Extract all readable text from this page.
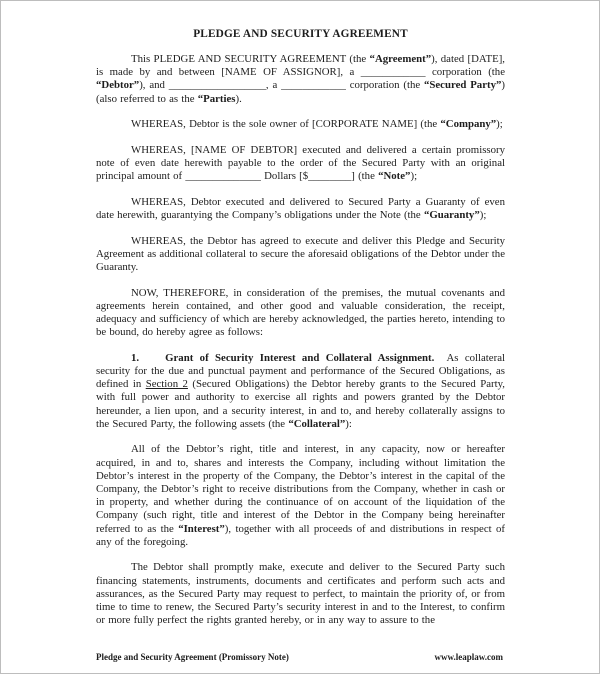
PLEDGE AND SECURITY AGREEMENT

This PLEDGE AND SECURITY AGREEMENT (the “Agreement”), dated [DATE], is made by and between [NAME OF ASSIGNOR], a ____________ corporation (the “Debtor”), and __________________, a ____________ corporation (the “Secured Party”) (also referred to as the “Parties).

WHEREAS, Debtor is the sole owner of [CORPORATE NAME] (the “Company”);

WHEREAS, [NAME OF DEBTOR] executed and delivered a certain promissory note of even date herewith payable to the order of the Secured Party with an original principal amount of ______________ Dollars [$________] (the “Note”);

WHEREAS, Debtor executed and delivered to Secured Party a Guaranty of even date herewith, guarantying the Company’s obligations under the Note (the “Guaranty”);

WHEREAS, the Debtor has agreed to execute and deliver this Pledge and Security Agreement as additional collateral to secure the aforesaid obligations of the Debtor under the Guaranty.

NOW, THEREFORE, in consideration of the premises, the mutual covenants and agreements herein contained, and other good and valuable consideration, the receipt, adequacy and sufficiency of which are hereby acknowledged, the parties hereto, intending to be bound, do hereby agree as follows:

1. Grant of Security Interest and Collateral Assignment.  As collateral security for the due and punctual payment and performance of the Secured Obligations, as defined in Section 2 (Secured Obligations) the Debtor hereby grants to the Secured Party, with full power and authority to exercise all rights and powers granted by the Debtor hereunder, a lien upon, and a security interest, in and to, and hereby collaterally assigns to the Secured Party, the following assets (the “Collateral”):

All of the Debtor’s right, title and interest, in any capacity, now or hereafter acquired, in and to, shares and interests the Company, including without limitation the Debtor’s interest in the property of the Company, the Debtor’s interest in the capital of the Company, the Debtor’s right to receive distributions from the Company, whether in cash or in property, and whether during the continuance of on account of the liquidation of the Company (such right, title and interest of the Debtor in the Company being hereinafter referred to as the “Interest”), together with all proceeds of and distributions in respect of any of the foregoing.

The Debtor shall promptly make, execute and deliver to the Secured Party such financing statements, instruments, documents and certificates and perform such acts and assurances, as the Secured Party may request to perfect, to maintain the priority of, or from time to time to renew, the Secured Party’s security interest in and to the Interest, to confirm or more fully perfect the rights granted hereby, or in any way to assure to the

Pledge and Security Agreement (Promissory Note)	www.leaplaw.com
